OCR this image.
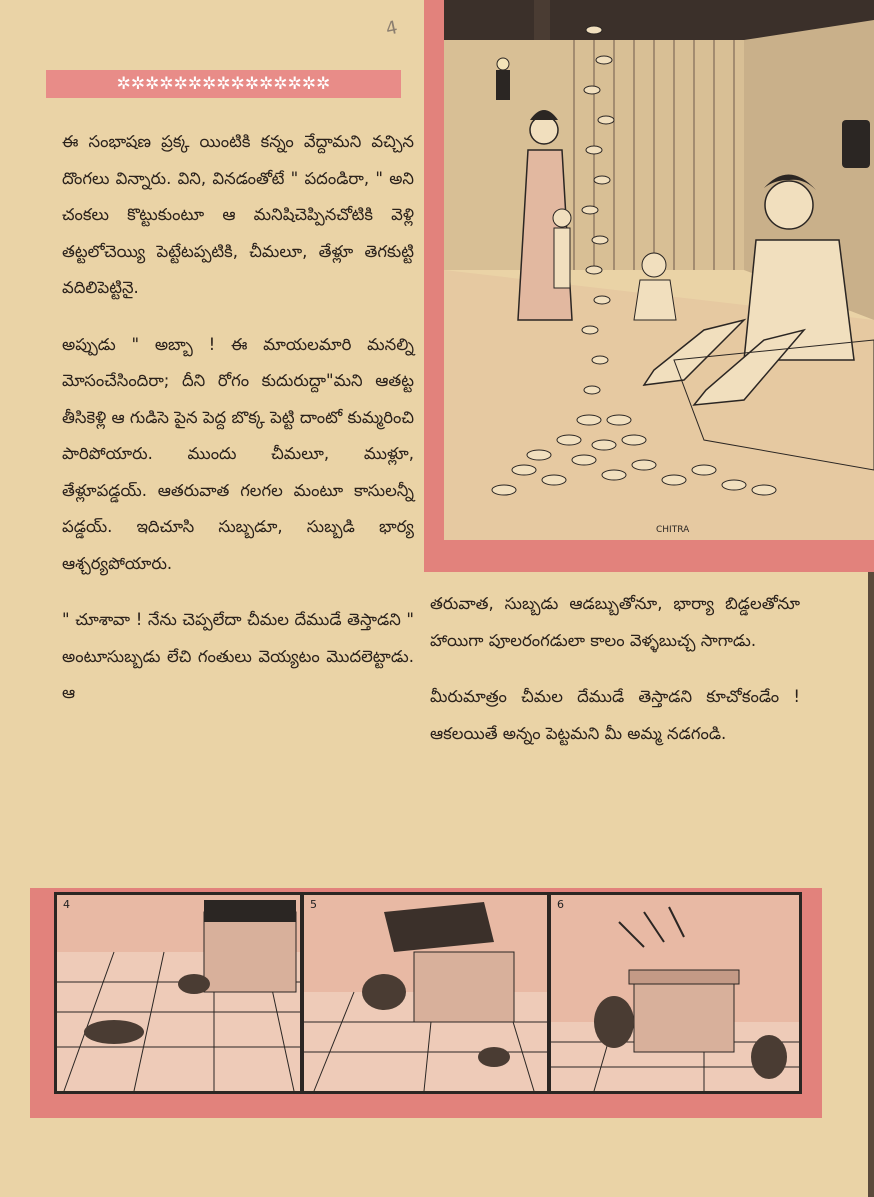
4
✲✲✲✲✲✲✲✲✲✲✲✲✲✲✲

ఈ సంభాషణ ప్రక్క యింటికి కన్నం వేద్దామని వచ్చిన దొంగలు విన్నారు. విని, వినడంతోటే " పదండిరా, " అని చంకలు కొట్టుకుంటూ ఆ మనిషిచెప్పినచోటికి వెళ్లి తట్టలోచెయ్యి పెట్టేటప్పటికి, చీమలూ, తేళ్లూ తెగకుట్టి వదిలిపెట్టినై.

అప్పుడు " అబ్బా ! ఈ మాయలమారి మనల్ని మోసంచేసిందిరా; దీని రోగం కుదురుద్దా"మని ఆతట్ట తీసికెళ్లి ఆ గుడిసె పైన పెద్ద బొక్క పెట్టి దాంటో కుమ్మరించి పారిపోయారు. ముందు చీమలూ, ముళ్లూ, తేళ్లూపడ్డయ్. ఆతరువాత గలగల మంటూ కాసులన్నీ పడ్డయ్. ఇదిచూసి సుబ్బడూ, సుబ్బడి భార్య ఆశ్చర్యపోయారు.

" చూశావా ! నేను చెప్పలేదా చీమల దేముడే తెస్తాడని " అంటూసుబ్బడు లేచి గంతులు వెయ్యటం మొదలెట్టాడు. ఆ

తరువాత, సుబ్బడు ఆడబ్బుతోనూ, భార్యా బిడ్డలతోనూ హాయిగా పూలరంగడులా కాలం వెళ్ళబుచ్చ సాగాడు.

మీరుమాత్రం చీమల దేముడే తెస్తాడని కూచోకండేం ! ఆకలయితే అన్నం పెట్టమని మీ అమ్మ నడగండి.

CHITRA
4	5	6
